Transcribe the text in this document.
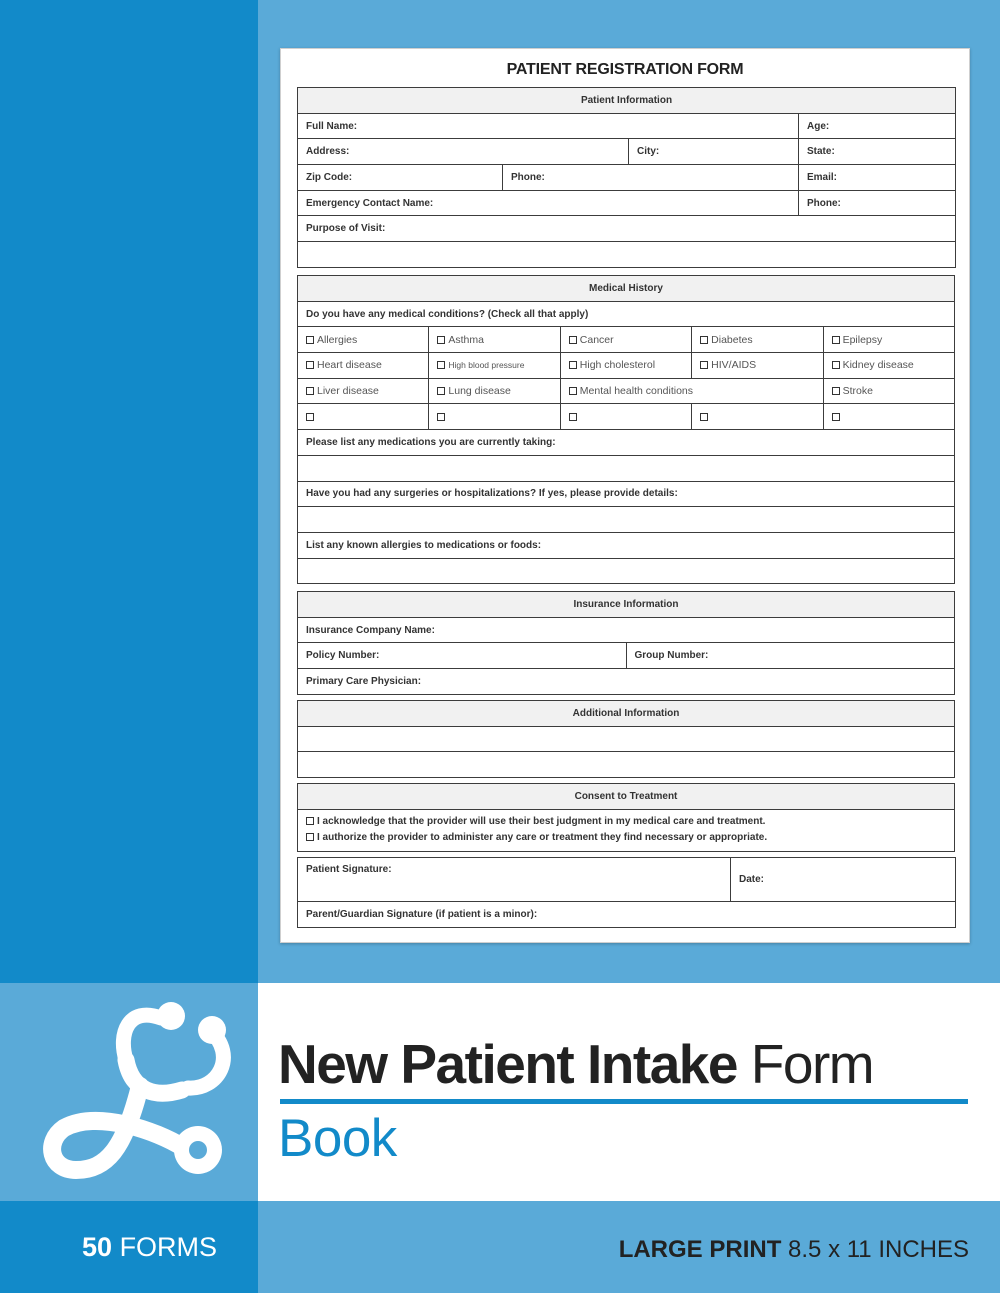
PATIENT REGISTRATION FORM
Patient Information			
Full Name:			Age:
Address:		City:	State:
Zip Code:	Phone:		Email:
Emergency Contact Name:			Phone:
Purpose of Visit:			

Medical History				
Do you have any medical conditions? (Check all that apply)				
Allergies	Asthma	Cancer	Diabetes	Epilepsy
Heart disease	High blood pressure	High cholesterol	HIV/AIDS	Kidney disease
Liver disease	Lung disease	Mental health conditions		Stroke

Please list any medications you are currently taking:				

Have you had any surgeries or hospitalizations? If yes, please provide details:				

List any known allergies to medications or foods:				

Insurance Information
Insurance Company Name:
Policy Number:	Group Number:
Primary Care Physician:
Additional Information

Consent to Treatment

I acknowledge that the provider will use their best judgment in my medical care and treatment.
I authorize the provider to administer any care or treatment they find necessary or appropriate.
Patient Signature:	Date:
Parent/Guardian Signature (if patient is a minor):
New Patient Intake Form
Book
50 FORMS	LARGE PRINT 8.5 x 11 INCHES
